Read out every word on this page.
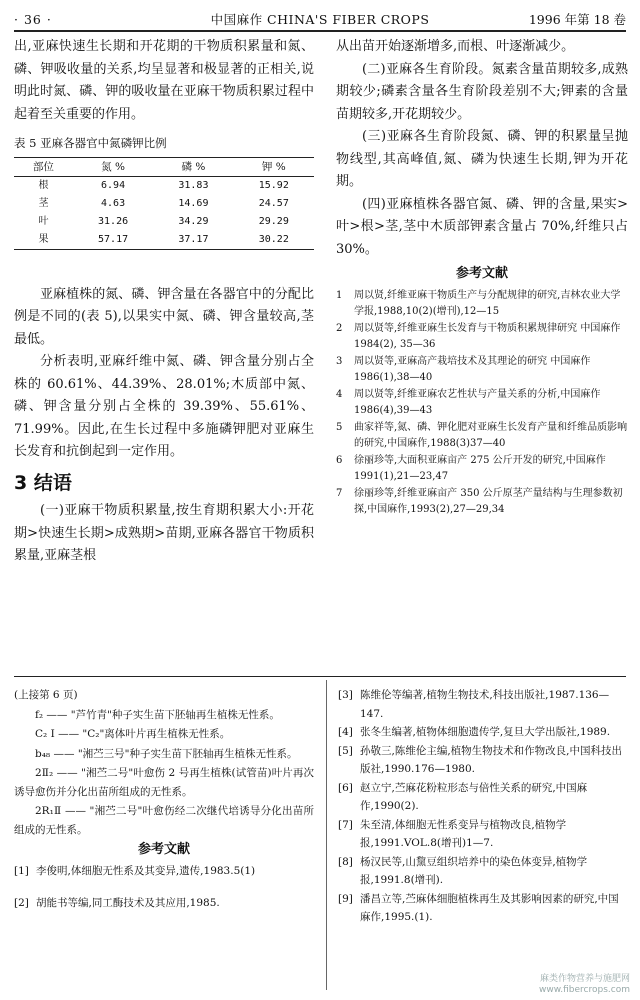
· 36 ·	中国麻作 CHINA'S FIBER CROPS	1996 年第 18 卷

出,亚麻快速生长期和开花期的干物质积累量和氮、磷、钾吸收量的关系,均呈显著和极显著的正相关,说明此时氮、磷、钾的吸收量在亚麻干物质积累过程中起着至关重要的作用。

表 5 亚麻各器官中氮磷钾比例
部位	氮 %	磷 %	钾 %
根	6.94	31.83	15.92
茎	4.63	14.69	24.57
叶	31.26	34.29	29.29
果	57.17	37.17	30.22

亚麻植株的氮、磷、钾含量在各器官中的分配比例是不同的(表 5),以果实中氮、磷、钾含量较高,茎最低。

分析表明,亚麻纤维中氮、磷、钾含量分别占全株的 60.61%、44.39%、28.01%;木质部中氮、磷、钾含量分别占全株的 39.39%、55.61%、71.99%。因此,在生长过程中多施磷钾肥对亚麻生长发育和抗倒起到一定作用。

3 结语

(一)亚麻干物质积累量,按生育期积累大小:开花期>快速生长期>成熟期>苗期,亚麻各器官干物质积累量,亚麻茎根

从出苗开始逐渐增多,而根、叶逐渐减少。

(二)亚麻各生育阶段。氮素含量苗期较多,成熟期较少;磷素含量各生育阶段差别不大;钾素的含量苗期较多,开花期较少。

(三)亚麻各生育阶段氮、磷、钾的积累量呈抛物线型,其高峰值,氮、磷为快速生长期,钾为开花期。

(四)亚麻植株各器官氮、磷、钾的含量,果实>叶>根>茎,茎中木质部钾素含量占 70%,纤维只占 30%。

参考文献
1	周以贤,纤维亚麻干物质生产与分配规律的研究,吉林农业大学学报,1988,10(2)(增刊),12—15
2	周以贤等,纤维亚麻生长发育与干物质积累规律研究 中国麻作 1984(2), 35—36
3	周以贤等,亚麻高产栽培技术及其理论的研究 中国麻作 1986(1),38—40
4	周以贤等,纤维亚麻农艺性状与产量关系的分析,中国麻作 1986(4),39—43
5	曲家祥等,氮、磷、钾化肥对亚麻生长发育产量和纤维品质影响的研究,中国麻作,1988(3)37—40
6	徐丽珍等,大面积亚麻亩产 275 公斤开发的研究,中国麻作 1991(1),21—23,47
7	徐丽珍等,纤维亚麻亩产 350 公斤原茎产量结构与生理参数初探,中国麻作,1993(2),27—29,34

(上接第 6 页)

f₂ —— "芦竹青"种子实生苗下胚轴再生植株无性系。

C₂ I —— "C₂"离体叶片再生植株无性系。

b₄₈ —— "湘苎三号"种子实生苗下胚轴再生植株无性系。

2Ⅱ₂ —— "湘苎二号"叶愈伤 2 号再生植株(试管苗)叶片再次诱导愈伤并分化出苗所组成的无性系。

2R₁Ⅱ —— "湘苎二号"叶愈伤经二次继代培诱导分化出苗所组成的无性系。

参考文献
[1] 李俊明,体细胞无性系及其变异,遗传,1983.5(1)
[2] 胡能书等编,同工酶技术及其应用,1985.
[3] 陈维伦等编著,植物生物技术,科技出版社,1987.136—147.
[4] 张冬生编著,植物体细胞遗传学,复旦大学出版社,1989.
[5] 孙敬三,陈维伦主编,植物生物技术和作物改良,中国科技出版社,1990.176—1980.
[6] 赵立宁,苎麻花粉粒形态与倍性关系的研究,中国麻作,1990(2).
[7] 朱至清,体细胞无性系变异与植物改良,植物学报,1991.VOL.8(增刊)1—7.
[8] 杨汉民等,山黧豆组织培养中的染色体变异,植物学报,1991.8(增刊).
[9] 潘昌立等,苎麻体细胞植株再生及其影响因素的研究,中国麻作,1995.(1).
麻类作物营养与施肥网
www.fibercrops.com
